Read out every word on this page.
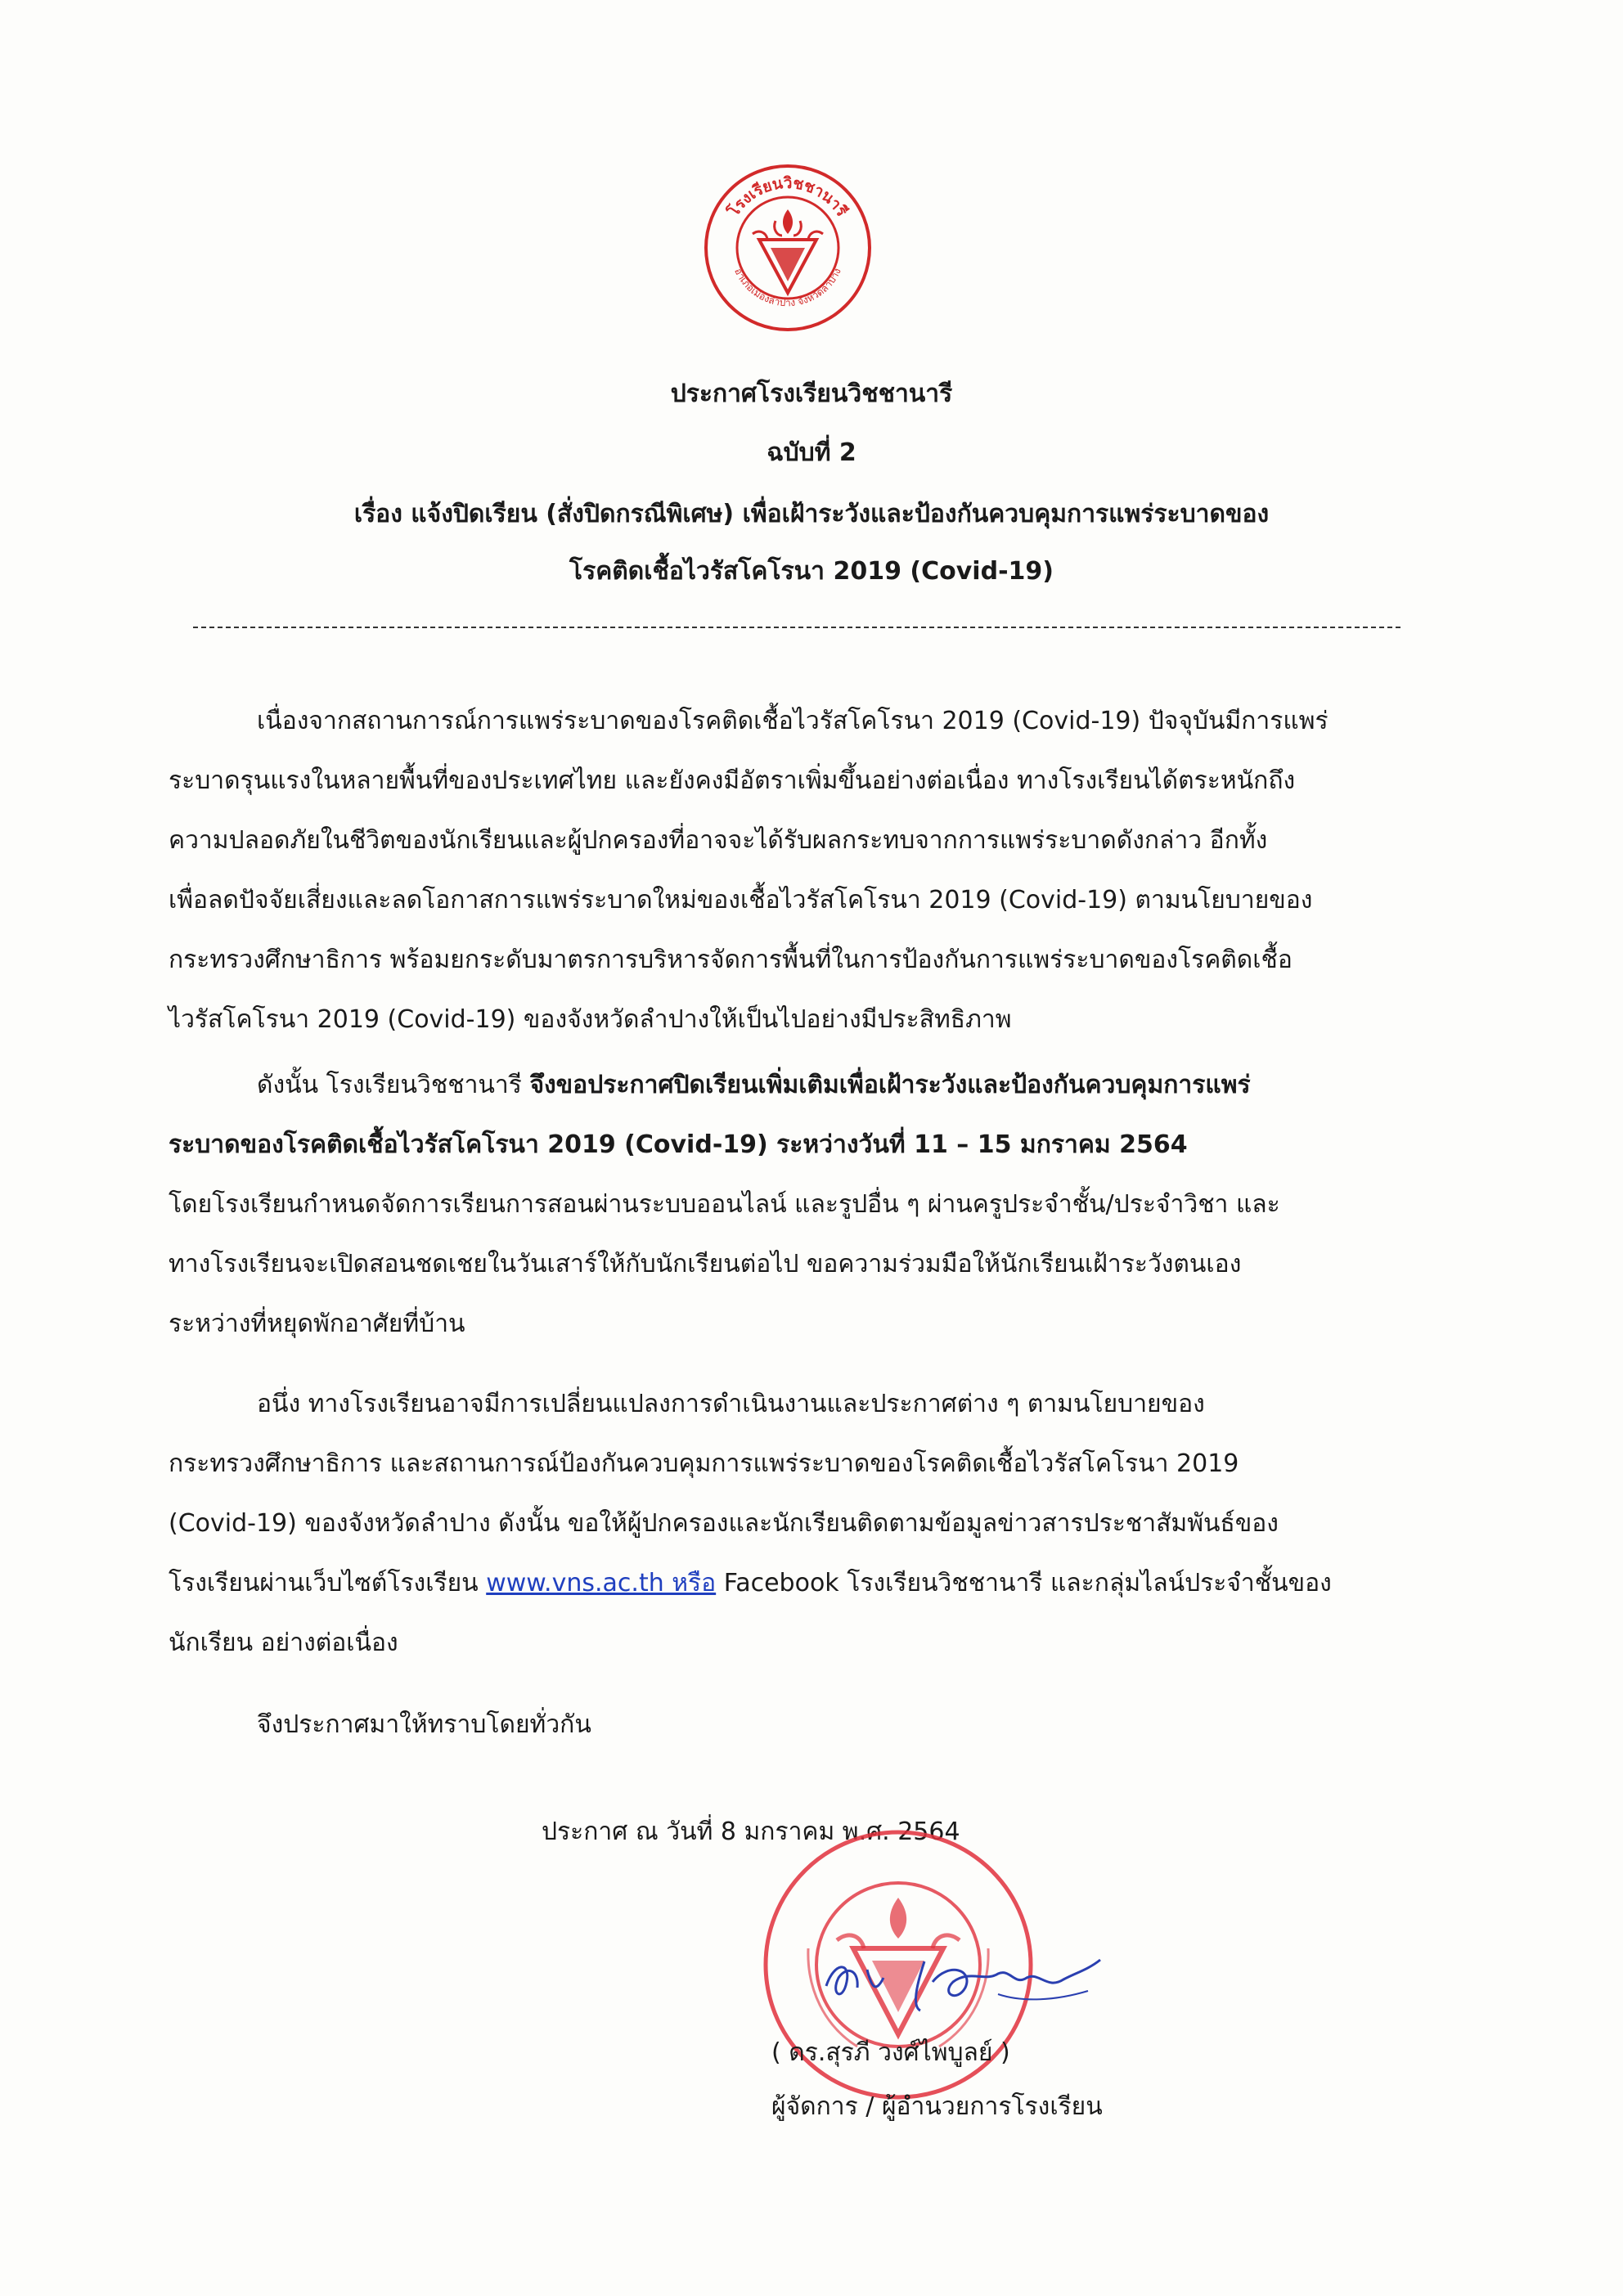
โรงเรียนวิชชานารี
อำเภอเมืองลำปาง จังหวัดลำปาง
ประกาศโรงเรียนวิชชานารี
ฉบับที่ 2
เรื่อง แจ้งปิดเรียน (สั่งปิดกรณีพิเศษ) เพื่อเฝ้าระวังและป้องกันควบคุมการแพร่ระบาดของ
โรคติดเชื้อไวรัสโคโรนา 2019 (Covid-19)
เนื่องจากสถานการณ์การแพร่ระบาดของโรคติดเชื้อไวรัสโคโรนา 2019 (Covid-19) ปัจจุบันมีการแพร่
ระบาดรุนแรงในหลายพื้นที่ของประเทศไทย และยังคงมีอัตราเพิ่มขึ้นอย่างต่อเนื่อง ทางโรงเรียนได้ตระหนักถึง
ความปลอดภัยในชีวิตของนักเรียนและผู้ปกครองที่อาจจะได้รับผลกระทบจากการแพร่ระบาดดังกล่าว อีกทั้ง
เพื่อลดปัจจัยเสี่ยงและลดโอกาสการแพร่ระบาดใหม่ของเชื้อไวรัสโคโรนา 2019 (Covid-19) ตามนโยบายของ
กระทรวงศึกษาธิการ พร้อมยกระดับมาตรการบริหารจัดการพื้นที่ในการป้องกันการแพร่ระบาดของโรคติดเชื้อ
ไวรัสโคโรนา 2019 (Covid-19) ของจังหวัดลำปางให้เป็นไปอย่างมีประสิทธิภาพ
ดังนั้น โรงเรียนวิชชานารี จึงขอประกาศปิดเรียนเพิ่มเติมเพื่อเฝ้าระวังและป้องกันควบคุมการแพร่
ระบาดของโรคติดเชื้อไวรัสโคโรนา 2019 (Covid-19) ระหว่างวันที่ 11 – 15 มกราคม 2564
โดยโรงเรียนกำหนดจัดการเรียนการสอนผ่านระบบออนไลน์ และรูปอื่น ๆ ผ่านครูประจำชั้น/ประจำวิชา และ
ทางโรงเรียนจะเปิดสอนชดเชยในวันเสาร์ให้กับนักเรียนต่อไป ขอความร่วมมือให้นักเรียนเฝ้าระวังตนเอง
ระหว่างที่หยุดพักอาศัยที่บ้าน
อนึ่ง ทางโรงเรียนอาจมีการเปลี่ยนแปลงการดำเนินงานและประกาศต่าง ๆ ตามนโยบายของ
กระทรวงศึกษาธิการ และสถานการณ์ป้องกันควบคุมการแพร่ระบาดของโรคติดเชื้อไวรัสโคโรนา 2019
(Covid-19) ของจังหวัดลำปาง ดังนั้น ขอให้ผู้ปกครองและนักเรียนติดตามข้อมูลข่าวสารประชาสัมพันธ์ของ
โรงเรียนผ่านเว็บไซต์โรงเรียน www.vns.ac.th หรือ Facebook โรงเรียนวิชชานารี และกลุ่มไลน์ประจำชั้นของ
นักเรียน อย่างต่อเนื่อง
จึงประกาศมาให้ทราบโดยทั่วกัน
ประกาศ ณ วันที่ 8 มกราคม พ.ศ. 2564
( ดร.สุรภี วงศ์ไพบูลย์ )
ผู้จัดการ / ผู้อำนวยการโรงเรียน
